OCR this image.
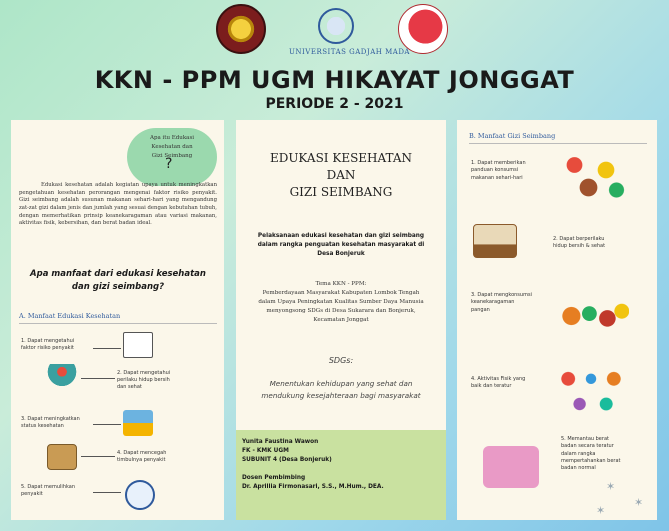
UNIVERSITAS GADJAH MADA
KKN - PPM UGM HIKAYAT JONGGAT
PERIODE 2 - 2021
Apa itu Edukasi
Kesehatan dan
Gizi Seimbang
?
Edukasi kesehatan adalah kegiatan upaya untuk meningkatkan pengetahuan kesehatan perorangan mengenai faktor risiko penyakit. Gizi seimbang adalah susunan makanan sehari-hari yang mengandung zat-zat gizi dalam jenis dan jumlah yang sesuai dengan kebutuhan tubuh, dengan memerhatikan prinsip keanekaragaman atau variasi makanan, aktivitas fisik, kebersihan, dan berat badan ideal.
Apa manfaat dari edukasi kesehatan
dan gizi seimbang?
A. Manfaat Edukasi Kesehatan
1. Dapat mengetahui
faktor risiko penyakit
2. Dapat mengetahui
perilaku hidup bersih
dan sehat
3. Dapat meningkatkan
status kesehatan
4. Dapat mencegah
timbulnya penyakit
5. Dapat memulihkan
penyakit
EDUKASI KESEHATAN
DAN
GIZI SEIMBANG
Pelaksanaan edukasi kesehatan dan gizi seimbang
dalam rangka penguatan kesehatan masyarakat di
Desa Bonjeruk
Tema KKN - PPM:
Pemberdayaan Masyarakat Kabupaten Lombok Tengah
dalam Upaya Peningkatan Kualitas Sumber Daya Manusia
menyongsong SDGs di Desa Sukarara dan Bonjeruk,
Kecamatan Jonggat
SDGs:
Menentukan kehidupan yang sehat dan
mendukung kesejahteraan bagi masyarakat
Yunita Faustina Wawon
FK - KMK UGM
SUBUNIT 4 (Desa Bonjeruk)

Dosen Pembimbing
Dr. Aprillia Firmonasari, S.S., M.Hum., DEA.
B. Manfaat Gizi Seimbang
1. Dapat memberikan
panduan konsumsi
makanan sehari-hari
2. Dapat berperilaku
hidup bersih & sehat
3. Dapat mengkonsumsi
keanekaragaman
pangan
4. Aktivitas Fisik yang
baik dan teratur
5. Memantau berat
badan secara teratur
dalam rangka
mempertahankan berat
badan normal
✶
✶
✶
